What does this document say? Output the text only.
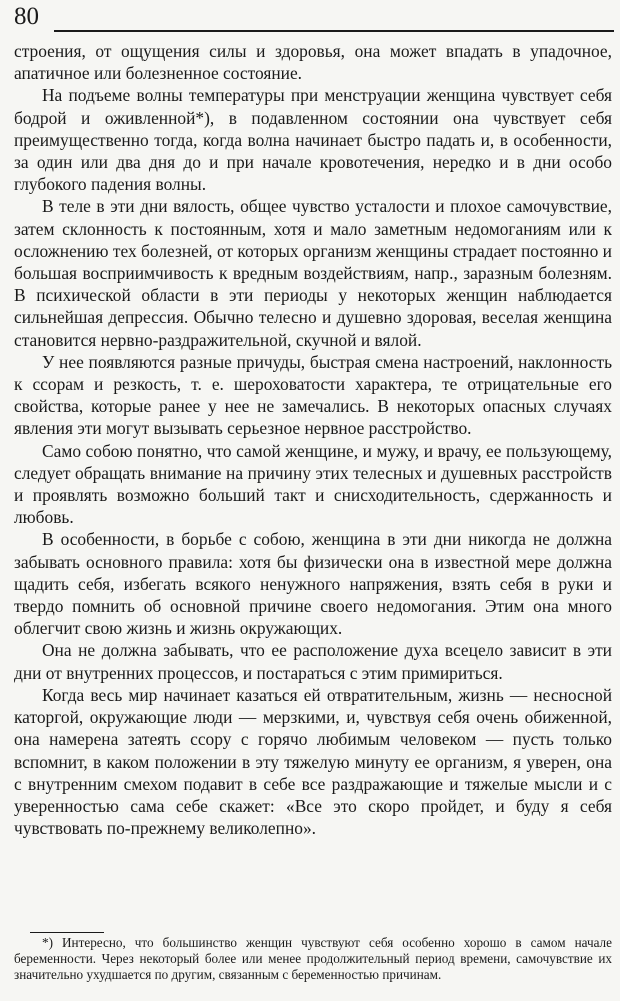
80

строения, от ощущения силы и здоровья, она может впадать в упадочное, апатичное или болезненное состояние.

На подъеме волны температуры при менструации женщина чувствует себя бодрой и оживленной*), в подавленном состоянии она чувствует себя преимущественно тогда, когда волна начинает быстро падать и, в особенности, за один или два дня до и при начале кровотечения, нередко и в дни особо глубокого падения волны.

В теле в эти дни вялость, общее чувство усталости и плохое самочувствие, затем склонность к постоянным, хотя и мало заметным недомоганиям или к осложнению тех болезней, от которых организм женщины страдает постоянно и большая восприимчивость к вредным воздействиям, напр., заразным болезням. В психической области в эти периоды у некоторых женщин наблюдается сильнейшая депрессия. Обычно телесно и душевно здоровая, веселая женщина становится нервно-раздражительной, скучной и вялой.

У нее появляются разные причуды, быстрая смена настроений, наклонность к ссорам и резкость, т. е. шероховатости характера, те отрицательные его свойства, которые ранее у нее не замечались. В некоторых опасных случаях явления эти могут вызывать серьезное нервное расстройство.

Само собою понятно, что самой женщине, и мужу, и врачу, ее пользующему, следует обращать внимание на причину этих телесных и душевных расстройств и проявлять возможно больший такт и снисходительность, сдержанность и любовь.

В особенности, в борьбе с собою, женщина в эти дни никогда не должна забывать основного правила: хотя бы физически она в известной мере должна щадить себя, избегать всякого ненужного напряжения, взять себя в руки и твердо помнить об основной причине своего недомогания. Этим она много облегчит свою жизнь и жизнь окружающих.

Она не должна забывать, что ее расположение духа всецело зависит в эти дни от внутренних процессов, и постараться с этим примириться.

Когда весь мир начинает казаться ей отвратительным, жизнь — несносной каторгой, окружающие люди — мерзкими, и, чувствуя себя очень обиженной, она намерена затеять ссору с горячо любимым человеком — пусть только вспомнит, в каком положении в эту тяжелую минуту ее организм, я уверен, она с внутренним смехом подавит в себе все раздражающие и тяжелые мысли и с уверенностью сама себе скажет: «Все это скоро пройдет, и буду я себя чувствовать по-прежнему великолепно».

*) Интересно, что большинство женщин чувствуют себя особенно хорошо в самом начале беременности. Через некоторый более или менее продолжительный период времени, самочувствие их значительно ухудшается по другим, связанным с беременностью причинам.
